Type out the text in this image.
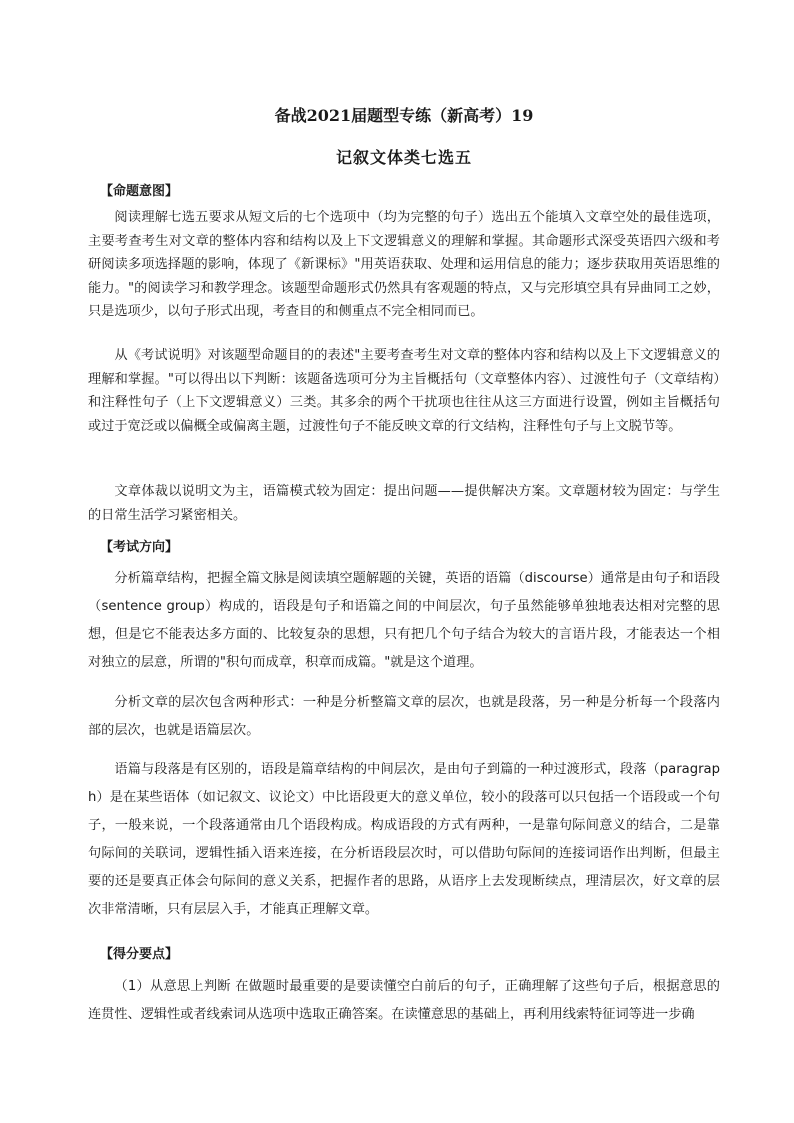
备战2021届题型专练（新高考）19
记叙文体类七选五
【命题意图】

阅读理解七选五要求从短文后的七个选项中（均为完整的句子）选出五个能填入文章空处的最佳选项，主要考查考生对文章的整体内容和结构以及上下文逻辑意义的理解和掌握。其命题形式深受英语四六级和考研阅读多项选择题的影响，体现了《新课标》"用英语获取、处理和运用信息的能力；逐步获取用英语思维的能力。"的阅读学习和教学理念。该题型命题形式仍然具有客观题的特点，又与完形填空具有异曲同工之妙，只是选项少，以句子形式出现，考查目的和侧重点不完全相同而已。

从《考试说明》对该题型命题目的的表述"主要考查考生对文章的整体内容和结构以及上下文逻辑意义的理解和掌握。"可以得出以下判断：该题备选项可分为主旨概括句（文章整体内容）、过渡性句子（文章结构）和注释性句子（上下文逻辑意义）三类。其多余的两个干扰项也往往从这三方面进行设置，例如主旨概括句或过于宽泛或以偏概全或偏离主题，过渡性句子不能反映文章的行文结构，注释性句子与上文脱节等。

文章体裁以说明文为主，语篇模式较为固定：提出问题——提供解决方案。文章题材较为固定：与学生的日常生活学习紧密相关。

【考试方向】

分析篇章结构，把握全篇文脉是阅读填空题解题的关键，英语的语篇（discourse）通常是由句子和语段（sentence group）构成的，语段是句子和语篇之间的中间层次，句子虽然能够单独地表达相对完整的思想，但是它不能表达多方面的、比较复杂的思想，只有把几个句子结合为较大的言语片段，才能表达一个相对独立的层意，所谓的"积句而成章，积章而成篇。"就是这个道理。

分析文章的层次包含两种形式：一种是分析整篇文章的层次，也就是段落，另一种是分析每一个段落内部的层次，也就是语篇层次。

语篇与段落是有区别的，语段是篇章结构的中间层次，是由句子到篇的一种过渡形式，段落（paragraph）是在某些语体（如记叙文、议论文）中比语段更大的意义单位，较小的段落可以只包括一个语段或一个句子，一般来说，一个段落通常由几个语段构成。构成语段的方式有两种，一是靠句际间意义的结合，二是靠句际间的关联词，逻辑性插入语来连接，在分析语段层次时，可以借助句际间的连接词语作出判断，但最主要的还是要真正体会句际间的意义关系，把握作者的思路，从语序上去发现断续点，理清层次，好文章的层次非常清晰，只有层层入手，才能真正理解文章。

【得分要点】

（1）从意思上判断 在做题时最重要的是要读懂空白前后的句子，正确理解了这些句子后，根据意思的连贯性、逻辑性或者线索词从选项中选取正确答案。在读懂意思的基础上，再利用线索特征词等进一步确
